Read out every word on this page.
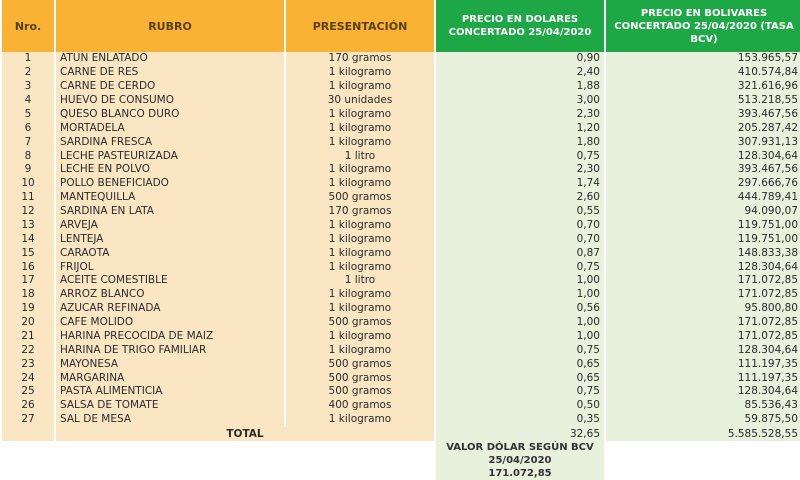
Nro.	RUBRO	PRESENTACIÓN	PRECIO EN DOLARES CONCERTADO 25/04/2020	PRECIO EN BOLIVARES CONCERTADO 25/04/2020 (TASA BCV)
1	ATUN ENLATADO	170 gramos	0,90	153.965,57
2	CARNE DE RES	1 kilogramo	2,40	410.574,84
3	CARNE DE CERDO	1 kilogramo	1,88	321.616,96
4	HUEVO DE CONSUMO	30 unidades	3,00	513.218,55
5	QUESO BLANCO DURO	1 kilogramo	2,30	393.467,56
6	MORTADELA	1 kilogramo	1,20	205.287,42
7	SARDINA FRESCA	1 kilogramo	1,80	307.931,13
8	LECHE PASTEURIZADA	1 litro	0,75	128.304,64
9	LECHE EN POLVO	1 kilogramo	2,30	393.467,56
10	POLLO BENEFICIADO	1 kilogramo	1,74	297.666,76
11	MANTEQUILLA	500 gramos	2,60	444.789,41
12	SARDINA EN LATA	170 gramos	0,55	94.090,07
13	ARVEJA	1 kilogramo	0,70	119.751,00
14	LENTEJA	1 kilogramo	0,70	119.751,00
15	CARAOTA	1 kilogramo	0,87	148.833,38
16	FRIJOL	1 kilogramo	0,75	128.304,64
17	ACEITE COMESTIBLE	1 litro	1,00	171.072,85
18	ARROZ BLANCO	1 kilogramo	1,00	171.072,85
19	AZUCAR REFINADA	1 kilogramo	0,56	95.800,80
20	CAFE MOLIDO	500 gramos	1,00	171.072,85
21	HARINA PRECOCIDA DE MAIZ	1 kilogramo	1,00	171.072,85
22	HARINA DE TRIGO FAMILIAR	1 kilogramo	0,75	128.304,64
23	MAYONESA	500 gramos	0,65	111.197,35
24	MARGARINA	500 gramos	0,65	111.197,35
25	PASTA ALIMENTICIA	500 gramos	0,75	128.304,64
26	SALSA DE TOMATE	400 gramos	0,50	85.536,43
27	SAL DE MESA	1 kilogramo	0,35	59.875,50
	TOTAL		32,65	5.585.528,55
			VALOR DÓLAR SEGÚN BCV	
			25/04/2020	
			171.072,85	
